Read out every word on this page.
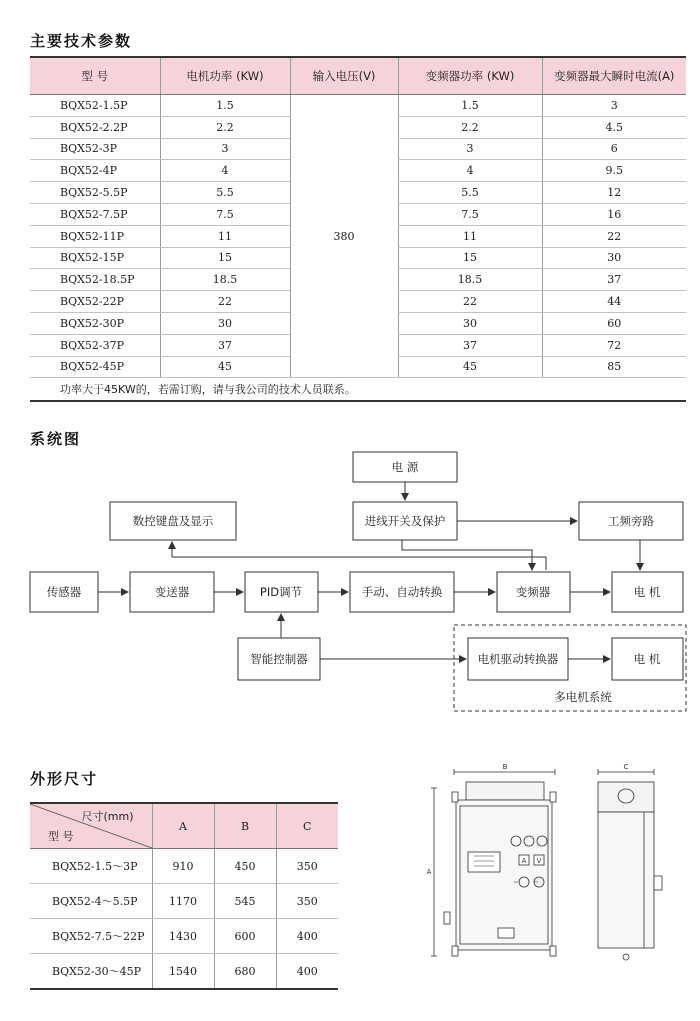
主要技术参数
型 号	电机功率 (KW)	输入电压(V)	变频器功率 (KW)	变频器最大瞬时电流(A)
BQX52-1.5P	1.5	380	1.5	3
BQX52-2.2P	2.2		2.2	4.5
BQX52-3P	3		3	6
BQX52-4P	4		4	9.5
BQX52-5.5P	5.5		5.5	12
BQX52-7.5P	7.5		7.5	16
BQX52-11P	11		11	22
BQX52-15P	15		15	30
BQX52-18.5P	18.5		18.5	37
BQX52-22P	22		22	44
BQX52-30P	30		30	60
BQX52-37P	37		37	72
BQX52-45P	45		45	85
功率大于45KW的，若需订购，请与我公司的技术人员联系。				
系统图
电 源
数控键盘及显示	进线开关及保护	工频旁路
传感器	变送器	PID调节	手动、自动转换	变频器	电 机
智能控制器	电机驱动转换器	电 机
多电机系统
外形尺寸
尺寸(mm)
型 号	A	B	C
BQX52-1.5～3P	910	450	350
BQX52-4～5.5P	1170	545	350
BQX52-7.5～22P	1430	600	400
BQX52-30～45P	1540	680	400
B	C
A
A V
